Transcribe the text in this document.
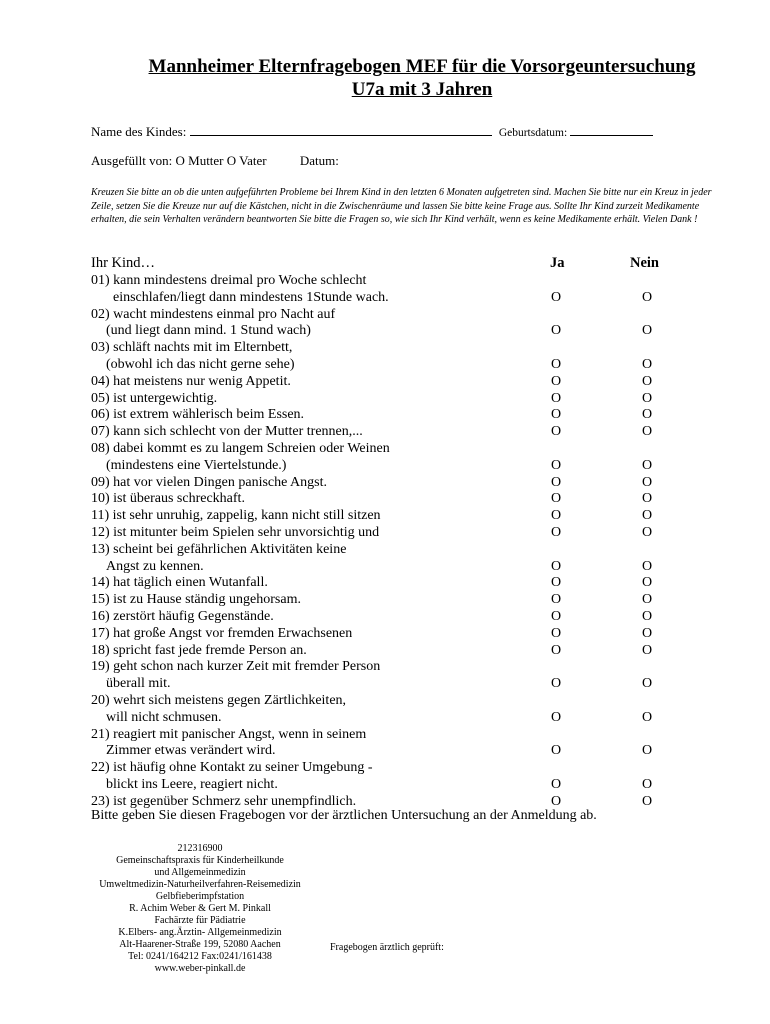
Mannheimer Elternfragebogen MEF für die Vorsorgeuntersuchung
U7a mit 3 Jahren
Name des Kindes:	Geburtsdatum:
Ausgefüllt von: O Mutter O Vater	Datum:
Kreuzen Sie bitte an ob die unten aufgeführten Probleme bei Ihrem Kind in den letzten 6 Monaten aufgetreten sind. Machen Sie bitte nur ein Kreuz in jeder Zeile, setzen Sie die Kreuze nur auf die Kästchen, nicht in die Zwischenräume und lassen Sie bitte keine Frage aus. Sollte Ihr Kind zurzeit Medikamente erhalten, die sein Verhalten verändern beantworten Sie bitte die Fragen so, wie sich Ihr Kind verhält, wenn es keine Medikamente erhält. Vielen Dank !
Ihr Kind…	Ja	Nein
01) kann mindestens dreimal pro Woche schlecht
einschlafen/liegt dann mindestens 1Stunde wach.	O	O
02) wacht mindestens einmal pro Nacht auf
(und liegt dann mind. 1 Stund wach)	O	O
03) schläft nachts mit im Elternbett,
(obwohl ich das nicht gerne sehe)	O	O
04) hat meistens nur wenig Appetit.	O	O
05) ist untergewichtig.	O	O
06) ist extrem wählerisch beim Essen.	O	O
07) kann sich schlecht von der Mutter trennen,...	O	O
08) dabei kommt es zu langem Schreien oder Weinen
(mindestens eine Viertelstunde.)	O	O
09) hat vor vielen Dingen panische Angst.	O	O
10) ist überaus schreckhaft.	O	O
11) ist sehr unruhig, zappelig, kann nicht still sitzen	O	O
12) ist mitunter beim Spielen sehr unvorsichtig und	O	O
13) scheint bei gefährlichen Aktivitäten keine
Angst zu kennen.	O	O
14) hat täglich einen Wutanfall.	O	O
15) ist zu Hause ständig ungehorsam.	O	O
16) zerstört häufig Gegenstände.	O	O
17) hat große Angst vor fremden Erwachsenen	O	O
18) spricht fast jede fremde Person an.	O	O
19) geht schon nach kurzer Zeit mit fremder Person
überall mit.	O	O
20) wehrt sich meistens gegen Zärtlichkeiten,
will nicht schmusen.	O	O
21) reagiert mit panischer Angst, wenn in seinem
Zimmer etwas verändert wird.	O	O
22) ist häufig ohne Kontakt zu seiner Umgebung -
blickt ins Leere, reagiert nicht.	O	O
23) ist gegenüber Schmerz sehr unempfindlich.	O	O
Bitte geben Sie diesen Fragebogen vor der ärztlichen Untersuchung an der Anmeldung ab.
212316900
Gemeinschaftspraxis für Kinderheilkunde
und Allgemeinmedizin
Umweltmedizin-Naturheilverfahren-Reisemedizin
Gelbfieberimpfstation
R. Achim Weber & Gert M. Pinkall
Fachärzte für Pädiatrie
K.Elbers- ang.Ärztin- Allgemeinmedizin
Alt-Haarener-Straße 199, 52080 Aachen
Tel: 0241/164212 Fax:0241/161438
www.weber-pinkall.de
Fragebogen ärztlich geprüft:
